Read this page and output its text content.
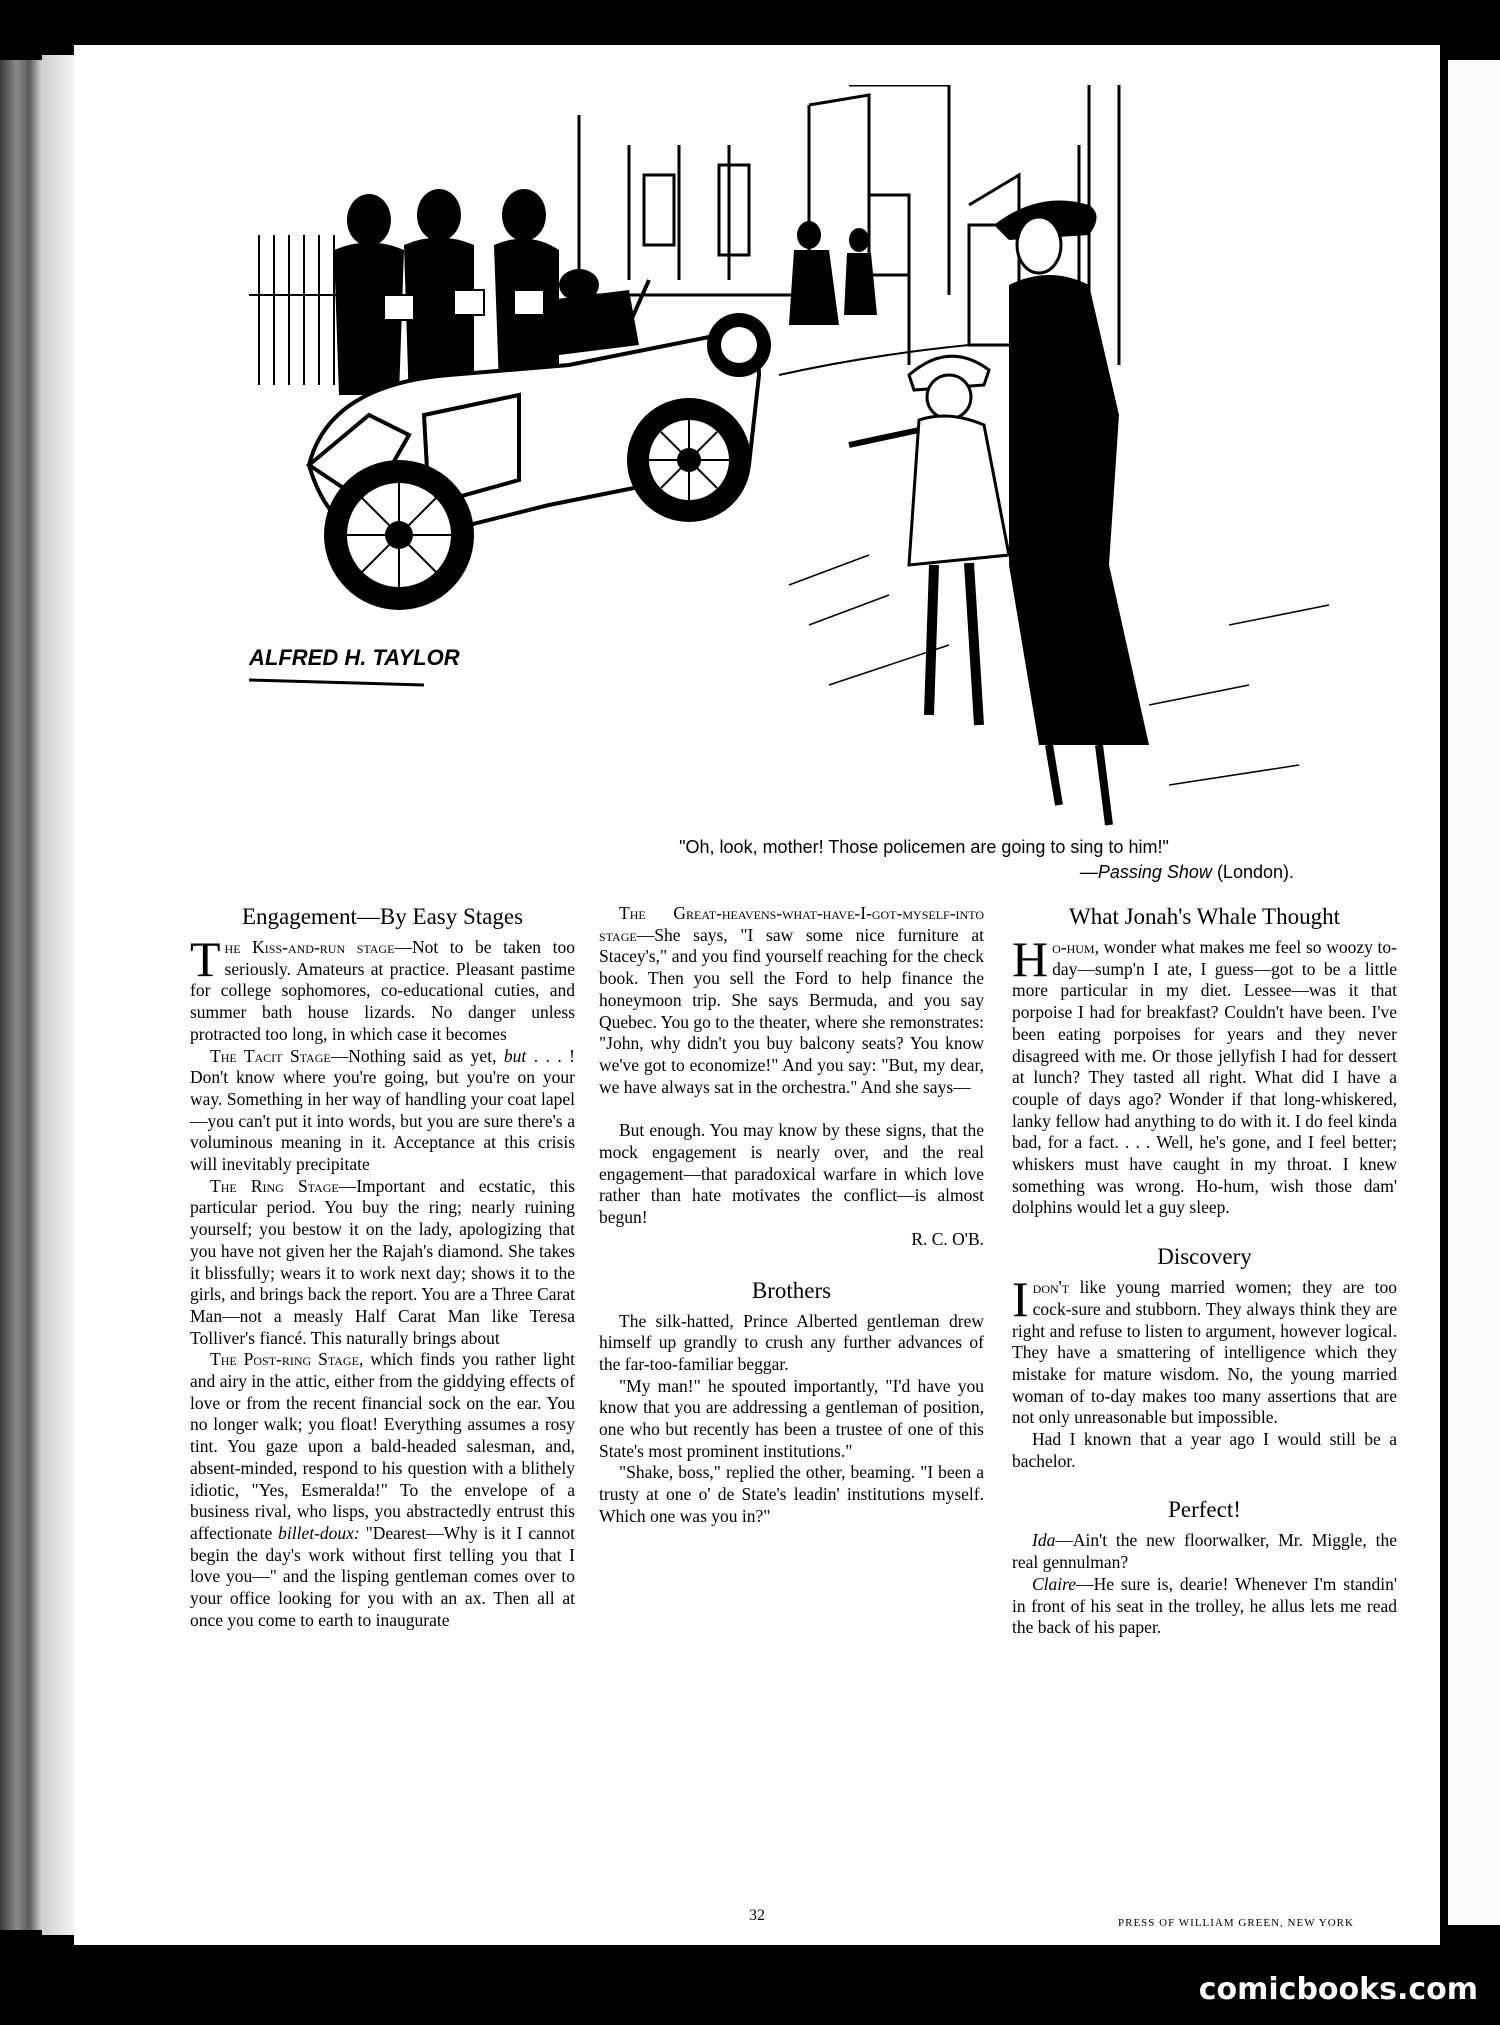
ALFRED H. TAYLOR
"Oh, look, mother! Those policemen are going to sing to him!"
—Passing Show (London).
Engagement—By Easy Stages

The Kiss-and-run stage—Not to be taken too seriously. Amateurs at practice. Pleasant pastime for college sophomores, co-educational cuties, and summer bath house lizards. No danger unless protracted too long, in which case it becomes

The Tacit Stage—Nothing said as yet, but . . . ! Don't know where you're going, but you're on your way. Something in her way of handling your coat lapel—you can't put it into words, but you are sure there's a voluminous meaning in it. Acceptance at this crisis will inevitably precipitate

The Ring Stage—Important and ecstatic, this particular period. You buy the ring; nearly ruining yourself; you bestow it on the lady, apologizing that you have not given her the Rajah's diamond. She takes it blissfully; wears it to work next day; shows it to the girls, and brings back the report. You are a Three Carat Man—not a measly Half Carat Man like Teresa Tolliver's fiancé. This naturally brings about

The Post-ring Stage, which finds you rather light and airy in the attic, either from the giddying effects of love or from the recent financial sock on the ear. You no longer walk; you float! Everything assumes a rosy tint. You gaze upon a bald-headed salesman, and, absent-minded, respond to his question with a blithely idiotic, "Yes, Esmeralda!" To the envelope of a business rival, who lisps, you abstractedly entrust this affectionate billet-doux: "Dearest—Why is it I cannot begin the day's work without first telling you that I love you—" and the lisping gentleman comes over to your office looking for you with an ax. Then all at once you come to earth to inaugurate

The Great-heavens-what-have-I-got-myself-into stage—She says, "I saw some nice furniture at Stacey's," and you find yourself reaching for the check book. Then you sell the Ford to help finance the honeymoon trip. She says Bermuda, and you say Quebec. You go to the theater, where she remonstrates: "John, why didn't you buy balcony seats? You know we've got to economize!" And you say: "But, my dear, we have always sat in the orchestra." And she says—

But enough. You may know by these signs, that the mock engagement is nearly over, and the real engagement—that paradoxical warfare in which love rather than hate motivates the conflict—is almost begun!

R. C. O'B.

Brothers

The silk-hatted, Prince Alberted gentleman drew himself up grandly to crush any further advances of the far-too-familiar beggar.

"My man!" he spouted importantly, "I'd have you know that you are addressing a gentleman of position, one who but recently has been a trustee of one of this State's most prominent institutions."

"Shake, boss," replied the other, beaming. "I been a trusty at one o' de State's leadin' institutions myself. Which one was you in?"

What Jonah's Whale Thought

Ho-hum, wonder what makes me feel so woozy to-day—sump'n I ate, I guess—got to be a little more particular in my diet. Lessee—was it that porpoise I had for breakfast? Couldn't have been. I've been eating porpoises for years and they never disagreed with me. Or those jellyfish I had for dessert at lunch? They tasted all right. What did I have a couple of days ago? Wonder if that long-whiskered, lanky fellow had anything to do with it. I do feel kinda bad, for a fact. . . . Well, he's gone, and I feel better; whiskers must have caught in my throat. I knew something was wrong. Ho-hum, wish those dam' dolphins would let a guy sleep.

Discovery

I don't like young married women; they are too cock-sure and stubborn. They always think they are right and refuse to listen to argument, however logical. They have a smattering of intelligence which they mistake for mature wisdom. No, the young married woman of to-day makes too many assertions that are not only unreasonable but impossible.

Had I known that a year ago I would still be a bachelor.

Perfect!

Ida—Ain't the new floorwalker, Mr. Miggle, the real gennulman?

Claire—He sure is, dearie! Whenever I'm standin' in front of his seat in the trolley, he allus lets me read the back of his paper.

32	PRESS OF WILLIAM GREEN, NEW YORK
comicbooks.com
